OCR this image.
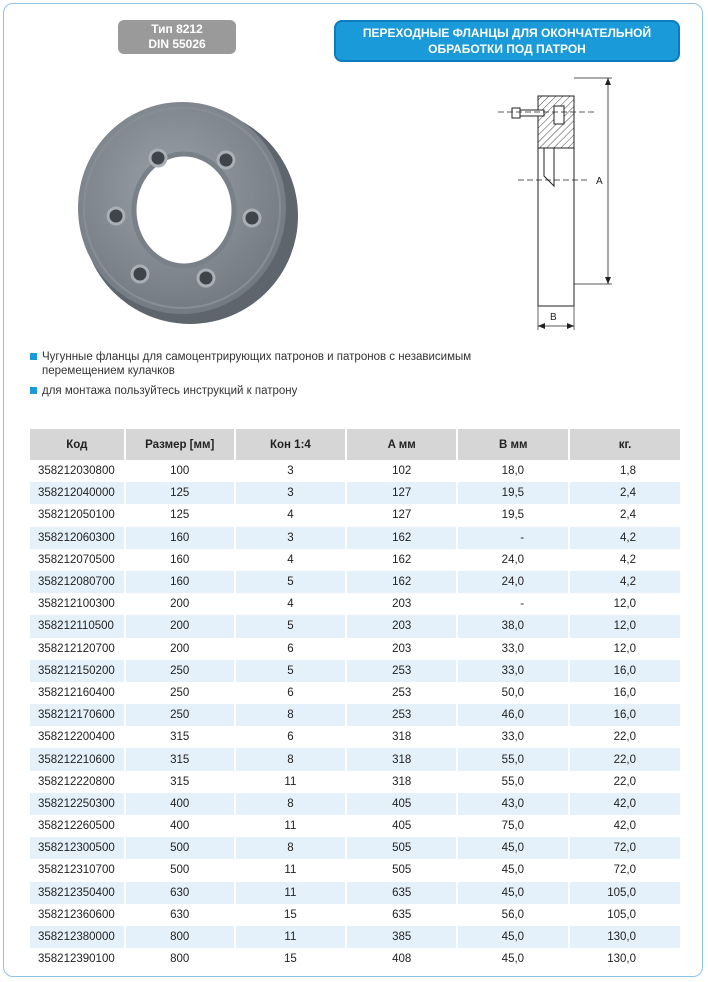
Тип 8212
DIN 55026
ПЕРЕХОДНЫЕ ФЛАНЦЫ ДЛЯ ОКОНЧАТЕЛЬНОЙ
ОБРАБОТКИ ПОД ПАТРОН
A
B
Чугунные фланцы для самоцентрирующих патронов и патронов с независимым перемещением кулачков
для монтажа пользуйтесь инструкций к патрону
Код	Размер [мм]	Кон 1:4	A мм	B мм	кг.
358212030800	100	3	102	18,0	1,8
358212040000	125	3	127	19,5	2,4
358212050100	125	4	127	19,5	2,4
358212060300	160	3	162	-	4,2
358212070500	160	4	162	24,0	4,2
358212080700	160	5	162	24,0	4,2
358212100300	200	4	203	-	12,0
358212110500	200	5	203	38,0	12,0
358212120700	200	6	203	33,0	12,0
358212150200	250	5	253	33,0	16,0
358212160400	250	6	253	50,0	16,0
358212170600	250	8	253	46,0	16,0
358212200400	315	6	318	33,0	22,0
358212210600	315	8	318	55,0	22,0
358212220800	315	11	318	55,0	22,0
358212250300	400	8	405	43,0	42,0
358212260500	400	11	405	75,0	42,0
358212300500	500	8	505	45,0	72,0
358212310700	500	11	505	45,0	72,0
358212350400	630	11	635	45,0	105,0
358212360600	630	15	635	56,0	105,0
358212380000	800	11	385	45,0	130,0
358212390100	800	15	408	45,0	130,0
